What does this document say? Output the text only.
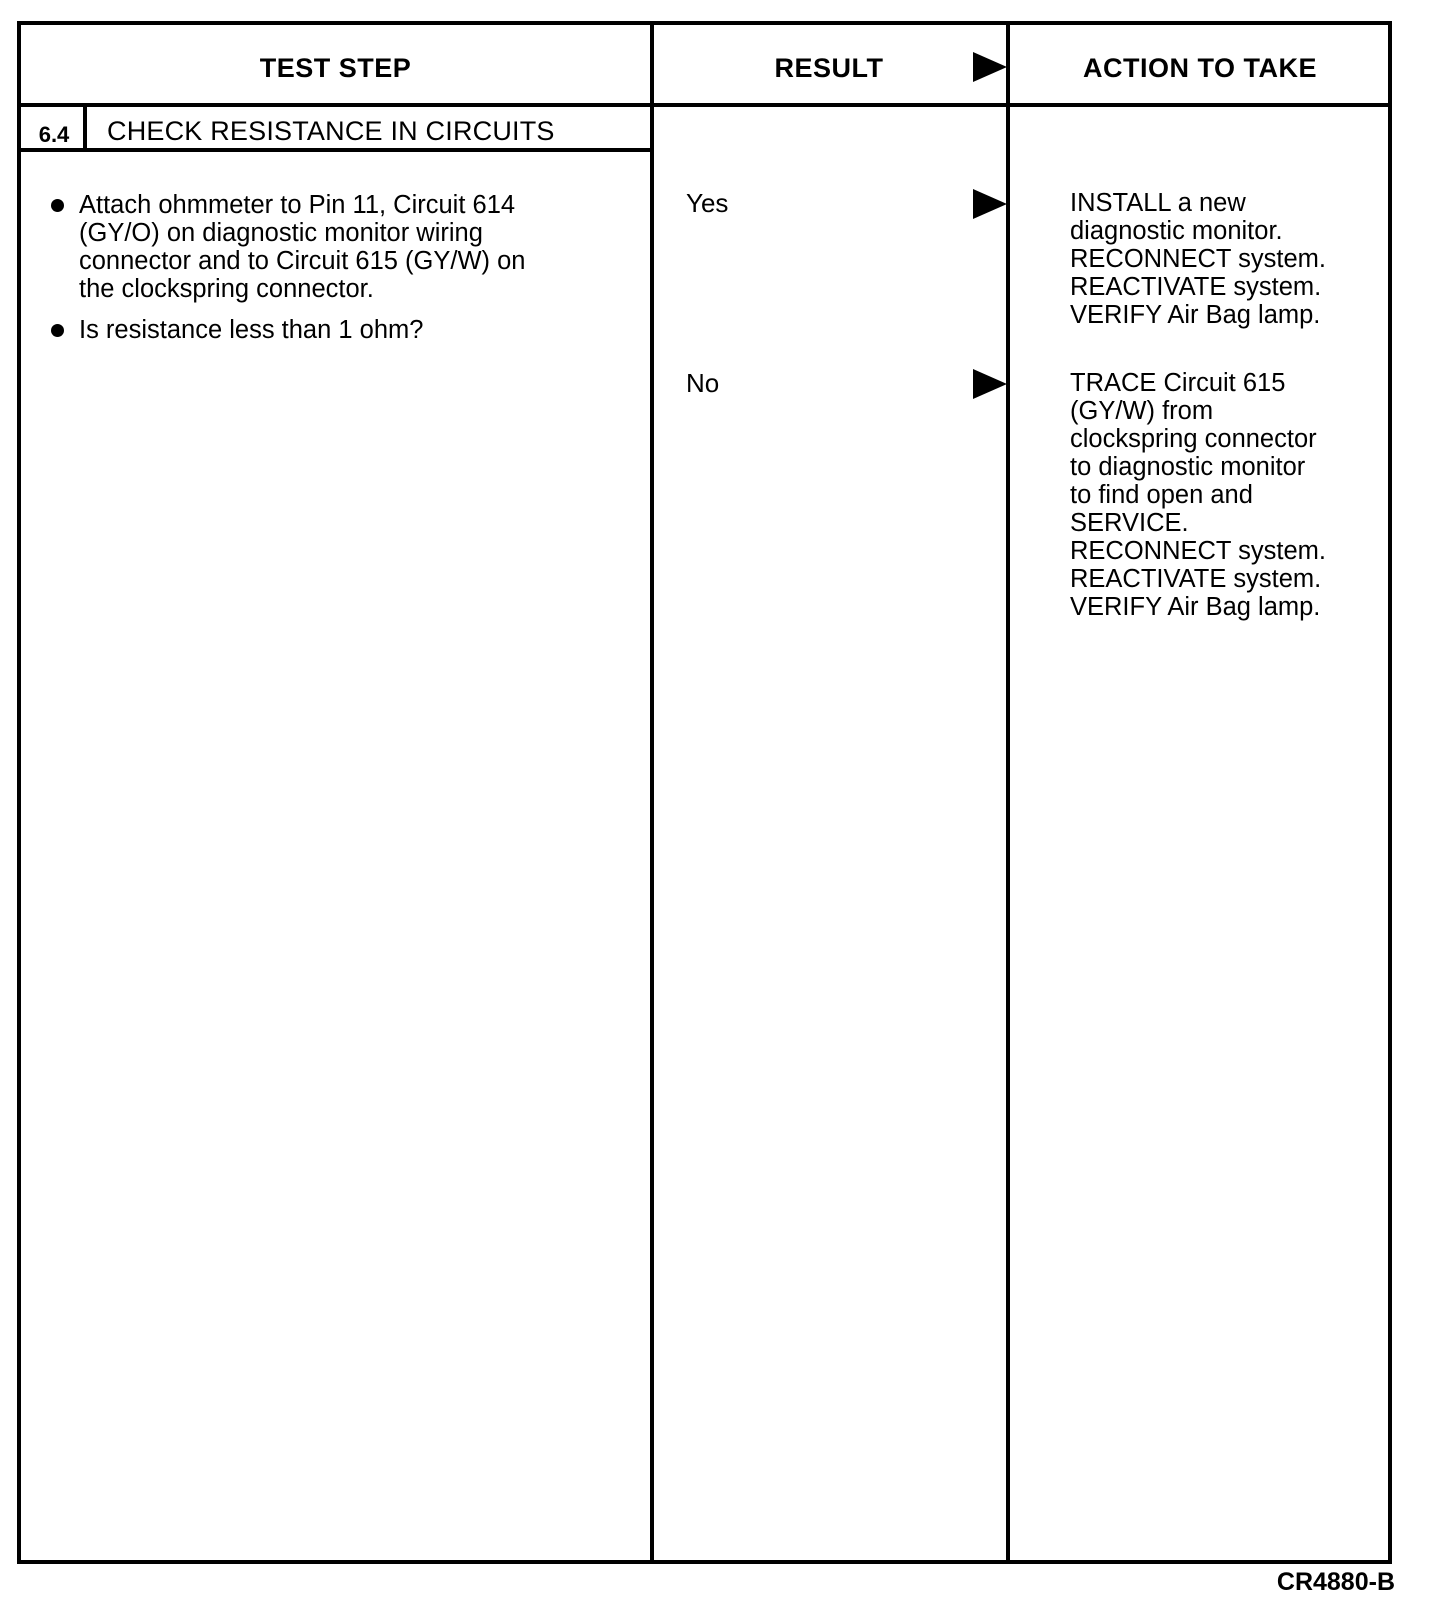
TEST STEP	RESULT	ACTION TO TAKE
6.4	CHECK RESISTANCE IN CIRCUITS
Attach ohmmeter to Pin 11, Circuit 614
(GY/O) on diagnostic monitor wiring
connector and to Circuit 615 (GY/W) on
the clockspring connector.
Is resistance less than 1 ohm?
Yes	INSTALL a new
diagnostic monitor.
RECONNECT system.
REACTIVATE system.
VERIFY Air Bag lamp.
No	TRACE Circuit 615
(GY/W) from
clockspring connector
to diagnostic monitor
to find open and
SERVICE.
RECONNECT system.
REACTIVATE system.
VERIFY Air Bag lamp.
CR4880-B
